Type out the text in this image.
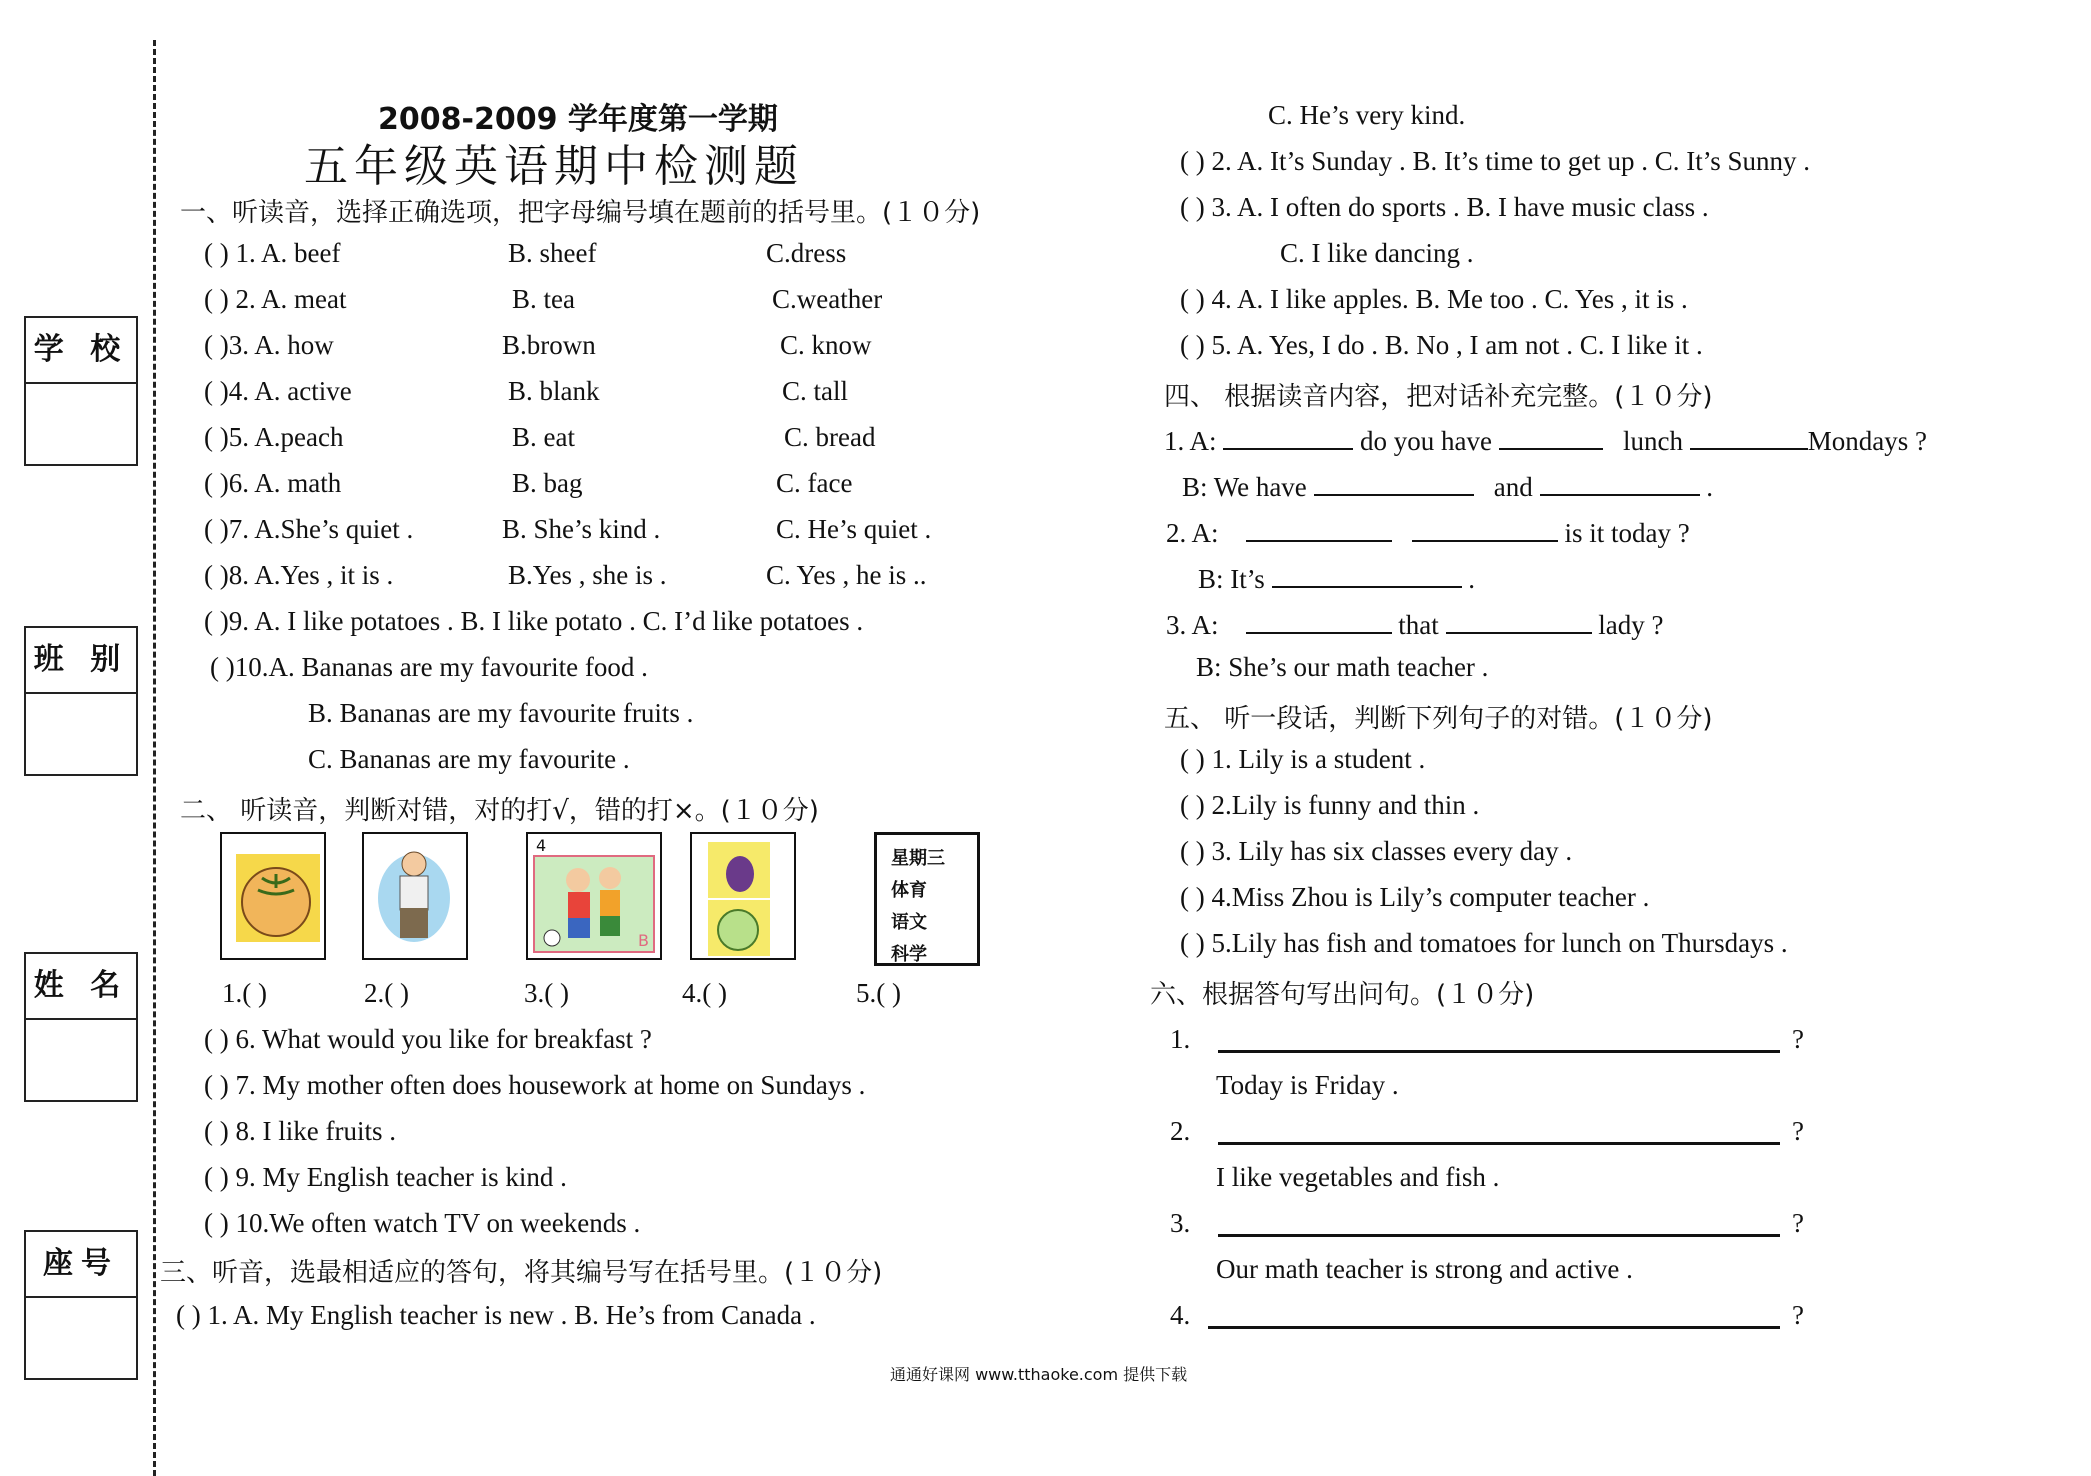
学 校
班 别
姓 名
座号
2008-2009 学年度第一学期
五年级英语期中检测题
一、听读音，选择正确选项，把字母编号填在题前的括号里。(１０分)
( ) 1. A. beef	B. sheef	C.dress
( ) 2. A. meat	B. tea	C.weather
( )3. A. how	B.brown	C. know
( )4. A. active	B. blank	C. tall
( )5. A.peach	B. eat	C. bread
( )6. A. math	B. bag	C. face
( )7. A.She’s quiet .	B. She’s kind .	C. He’s quiet .
( )8. A.Yes , it is .	B.Yes , she is .	C. Yes , he is ..
( )9. A. I like potatoes . B. I like potato . C. I’d like potatoes .
( )10.A. Bananas are my favourite food .
B. Bananas are my favourite fruits .
C. Bananas are my favourite .
二、 听读音，判断对错，对的打√，错的打×。(１０分)
B
4
星期三
体育
语文
科学
1.( )	2.( )	3.( )	4.( )	5.( )
( ) 6. What would you like for breakfast ?
( ) 7. My mother often does housework at home on Sundays .
( ) 8. I like fruits .
( ) 9. My English teacher is kind .
( ) 10.We often watch TV on weekends .
三、听音，选最相适应的答句，将其编号写在括号里。(１０分)
( ) 1. A. My English teacher is new . B. He’s from Canada .
C. He’s very kind.
( ) 2. A. It’s Sunday . B. It’s time to get up . C. It’s Sunny .
( ) 3. A. I often do sports . B. I have music class .
C. I like dancing .
( ) 4. A. I like apples. B. Me too . C. Yes , it is .
( ) 5. A. Yes, I do . B. No , I am not . C. I like it .
四、 根据读音内容，把对话补充完整。(１０分)
1. A:	do you have	lunch	Mondays ?
B: We have	and	.
2. A:	is it today ?
B: It’s	.
3. A:	that	lady ?
B: She’s our math teacher .
五、 听一段话，判断下列句子的对错。(１０分)
( ) 1. Lily is a student .
( ) 2.Lily is funny and thin .
( ) 3. Lily has six classes every day .
( ) 4.Miss Zhou is Lily’s computer teacher .
( ) 5.Lily has fish and tomatoes for lunch on Thursdays .
六、根据答句写出问句。(１０分)
1.	?
Today is Friday .
2.	?
I like vegetables and fish .
3.	?
Our math teacher is strong and active .
4.	?
通通好课网 www.tthaoke.com 提供下载
